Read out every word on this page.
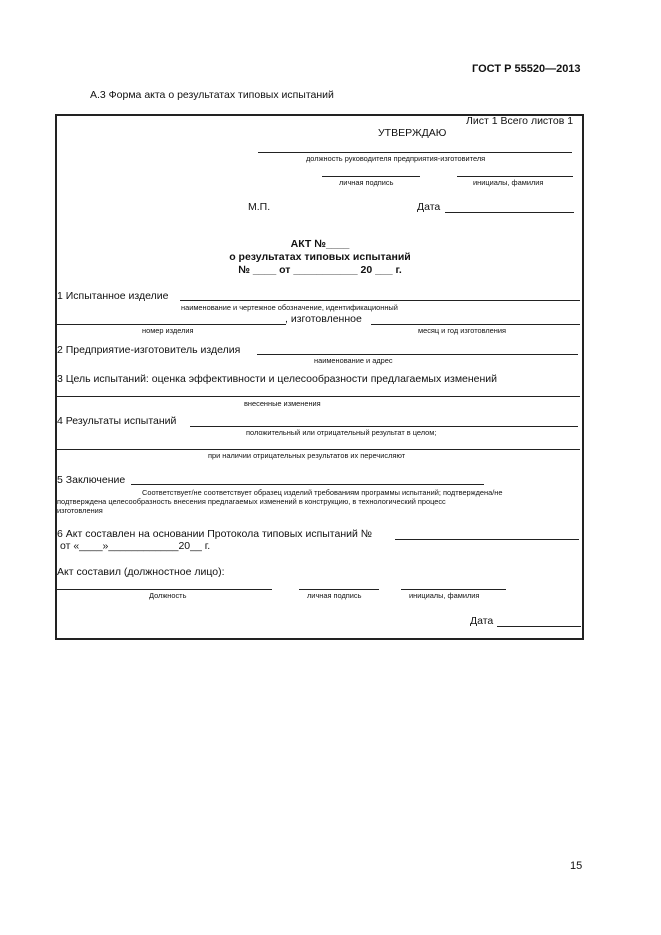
ГОСТ Р 55520—2013
А.3 Форма акта о результатах типовых испытаний
Лист 1 Всего листов 1
УТВЕРЖДАЮ
должность руководителя предприятия-изготовителя
личная подпись	инициалы, фамилия
М.П.	Дата
АКТ №____
о результатах типовых испытаний
№ ____ от ___________ 20 ___ г.
1 Испытанное изделие
наименование и чертежное обозначение, идентификационный
, изготовленное
номер изделия	месяц и год изготовления
2 Предприятие-изготовитель изделия
наименование и адрес
3 Цель испытаний: оценка эффективности и целесообразности предлагаемых изменений
внесенные изменения
4 Результаты испытаний
положительный или отрицательный результат в целом;
при наличии отрицательных результатов их перечисляют
5 Заключение
Соответствует/не соответствует образец изделий требованиям программы испытаний; подтверждена/не
подтверждена целесообразность внесения предлагаемых изменений в конструкцию, в технологический процесс
изготовления
6 Акт составлен на основании Протокола типовых испытаний №
от «____»____________20__ г.
Акт составил (должностное лицо):
Должность	личная подпись	инициалы, фамилия
Дата
15
